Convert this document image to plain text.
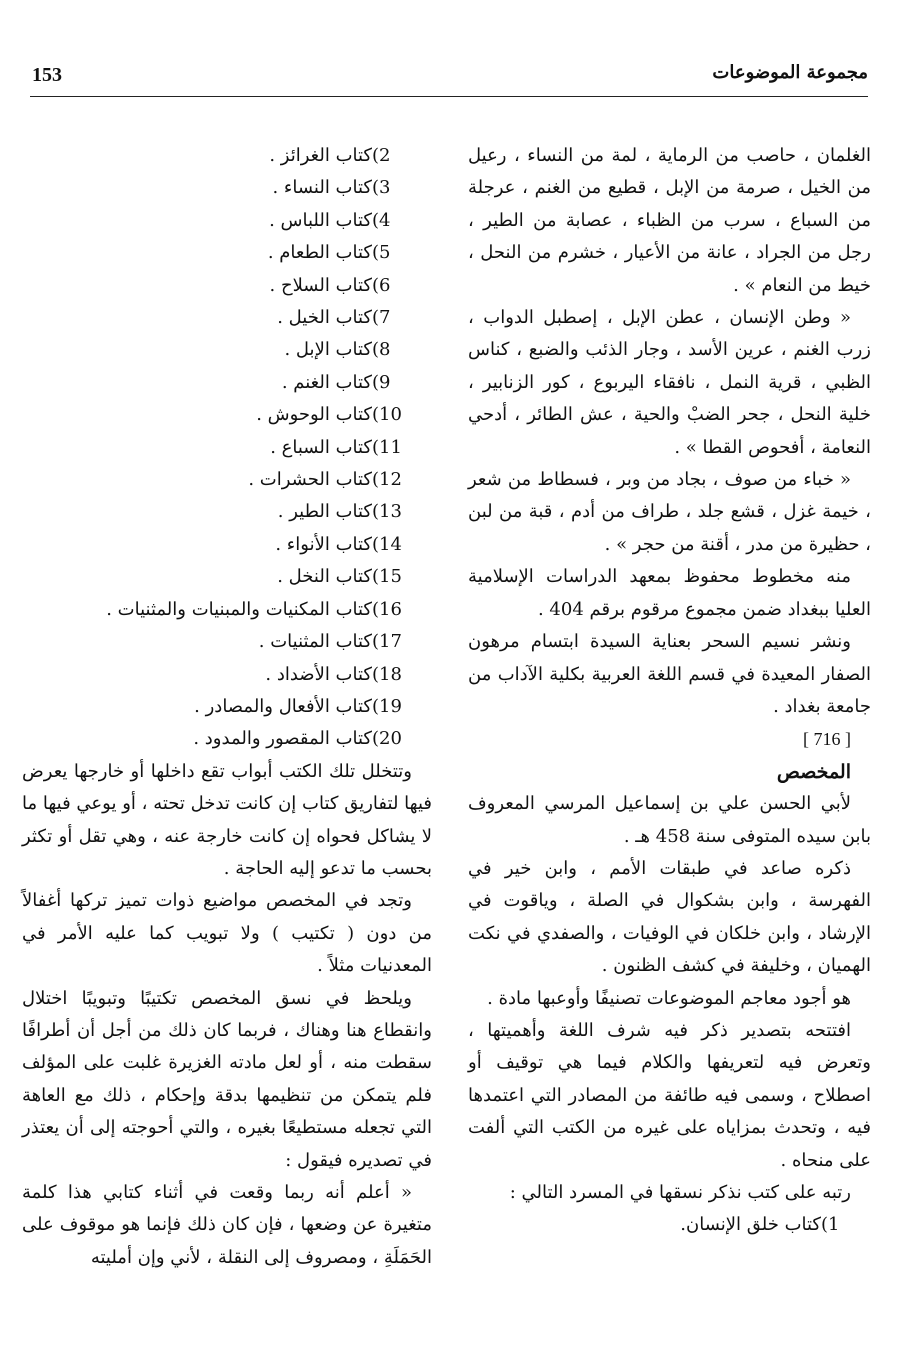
153	مجموعة الموضوعات

الغلمان ، حاصب من الرماية ، لمة من النساء ، رعيل من الخيل ، صرمة من الإبل ، قطيع من الغنم ، عرجلة من السباع ، سرب من الظباء ، عصابة من الطير ، رجل من الجراد ، عانة من الأعيار ، خشرم من النحل ، خيط من النعام » .

« وطن الإنسان ، عطن الإبل ، إصطبل الدواب ، زرب الغنم ، عرين الأسد ، وجار الذئب والضبع ، كناس الظبي ، قرية النمل ، نافقاء اليربوع ، كور الزنابير ، خلية النحل ، جحر الضبْ والحية ، عش الطائر ، أدحي النعامة ، أفحوص القطا » .

« خباء من صوف ، بجاد من وبر ، فسطاط من شعر ، خيمة غزل ، قشع جلد ، طراف من أدم ، قبة من لبن ، حظيرة من مدر ، أقنة من حجر » .

منه مخطوط محفوظ بمعهد الدراسات الإسلامية العليا ببغداد ضمن مجموع مرقوم برقم 404 .

ونشر نسيم السحر بعناية السيدة ابتسام مرهون الصفار المعيدة في قسم اللغة العربية بكلية الآداب من جامعة بغداد .

[ 716 ]

المخصص

لأبي الحسن علي بن إسماعيل المرسي المعروف بابن سيده المتوفى سنة 458 هـ .

ذكره صاعد في طبقات الأمم ، وابن خير في الفهرسة ، وابن بشكوال في الصلة ، وياقوت في الإرشاد ، وابن خلكان في الوفيات ، والصفدي في نكت الهميان ، وخليفة في كشف الظنون .

هو أجود معاجم الموضوعات تصنيفًا وأوعبها مادة .

افتتحه بتصدير ذكر فيه شرف اللغة وأهميتها ، وتعرض فيه لتعريفها والكلام فيما هي توقيف أو اصطلاح ، وسمى فيه طائفة من المصادر التي اعتمدها فيه ، وتحدث بمزاياه على غيره من الكتب التي ألفت على منحاه .

رتبه على كتب نذكر نسقها في المسرد التالي :

1)كتاب خلق الإنسان.
2)كتاب الغرائز .
3)كتاب النساء .
4)كتاب اللباس .
5)كتاب الطعام .
6)كتاب السلاح .
7)كتاب الخيل .
8)كتاب الإبل .
9)كتاب الغنم .
10)كتاب الوحوش .
11)كتاب السباع .
12)كتاب الحشرات .
13)كتاب الطير .
14)كتاب الأنواء .
15)كتاب النخل .
16)كتاب المكنيات والمبنيات والمثنيات .
17)كتاب المثنيات .
18)كتاب الأضداد .
19)كتاب الأفعال والمصادر .
20)كتاب المقصور والمدود .

وتتخلل تلك الكتب أبواب تقع داخلها أو خارجها يعرض فيها لتفاريق كتاب إن كانت تدخل تحته ، أو يوعي فيها ما لا يشاكل فحواه إن كانت خارجة عنه ، وهي تقل أو تكثر بحسب ما تدعو إليه الحاجة .

وتجد في المخصص مواضيع ذوات تميز تركها أغفالاً من دون ( تكتيب ) ولا تبويب كما عليه الأمر في المعدنيات مثلاً .

ويلحظ في نسق المخصص تكتيبًا وتبويبًا اختلال وانقطاع هنا وهناك ، فربما كان ذلك من أجل أن أطرافًا سقطت منه ، أو لعل مادته الغزيرة غلبت على المؤلف فلم يتمكن من تنظيمها بدقة وإحكام ، ذلك مع العاهة التي تجعله مستطيعًا بغيره ، والتي أحوجته إلى أن يعتذر في تصديره فيقول :

« أعلم أنه ربما وقعت في أثناء كتابي هذا كلمة متغيرة عن وضعها ، فإن كان ذلك فإنما هو موقوف على الحَمَلَةِ ، ومصروف إلى النقلة ، لأني وإن أمليته
